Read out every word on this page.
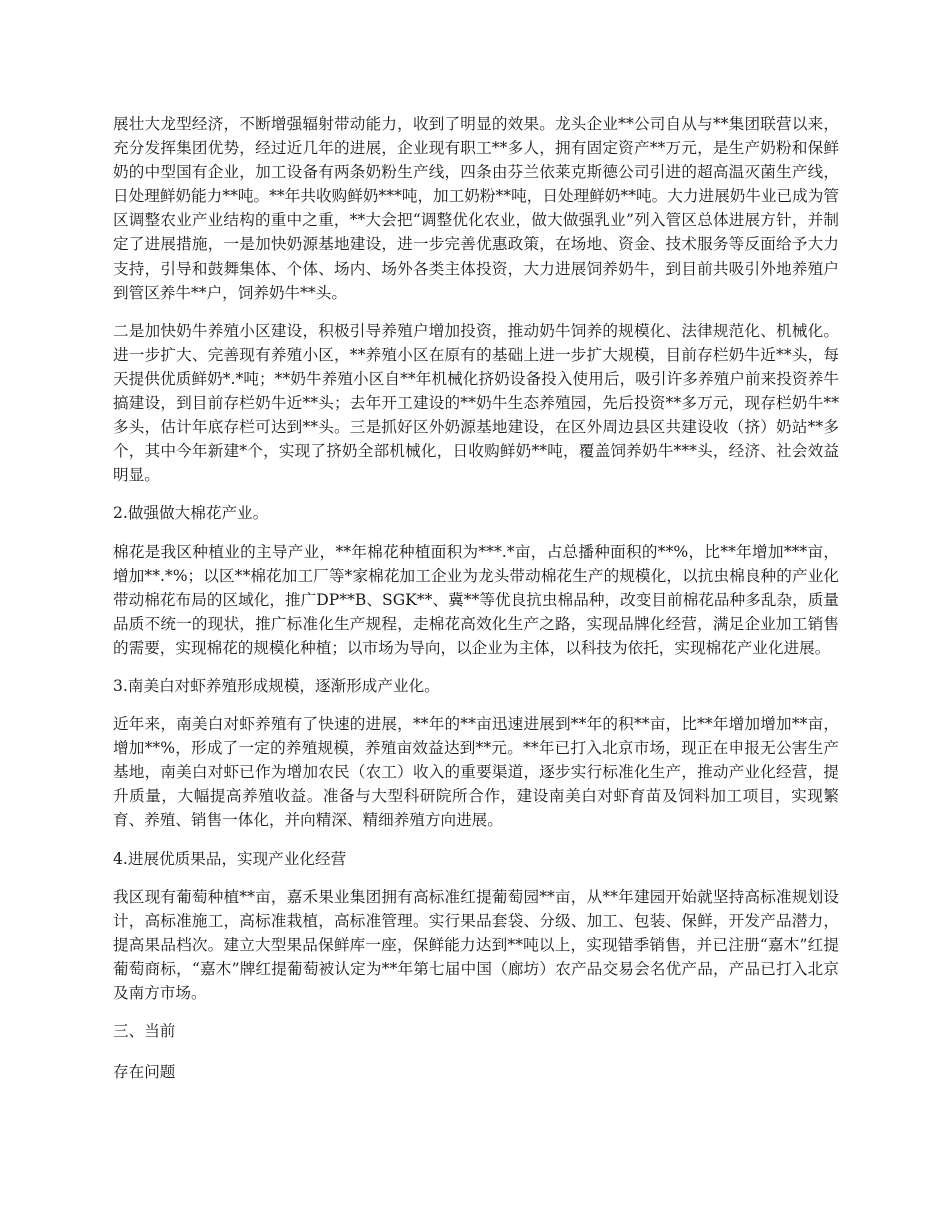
展壮大龙型经济，不断增强辐射带动能力，收到了明显的效果。龙头企业**公司自从与**集团联营以来，充分发挥集团优势，经过近几年的进展，企业现有职工**多人，拥有固定资产**万元，是生产奶粉和保鲜奶的中型国有企业，加工设备有两条奶粉生产线，四条由芬兰依莱克斯德公司引进的超高温灭菌生产线，日处理鲜奶能力**吨。**年共收购鲜奶***吨，加工奶粉**吨，日处理鲜奶**吨。大力进展奶牛业已成为管区调整农业产业结构的重中之重，**大会把“调整优化农业，做大做强乳业”列入管区总体进展方针，并制定了进展措施，一是加快奶源基地建设，进一步完善优惠政策，在场地、资金、技术服务等反面给予大力支持，引导和鼓舞集体、个体、场内、场外各类主体投资，大力进展饲养奶牛，到目前共吸引外地养殖户到管区养牛**户，饲养奶牛**头。

二是加快奶牛养殖小区建设，积极引导养殖户增加投资，推动奶牛饲养的规模化、法律规范化、机械化。进一步扩大、完善现有养殖小区，**养殖小区在原有的基础上进一步扩大规模，目前存栏奶牛近**头，每天提供优质鲜奶*.*吨；**奶牛养殖小区自**年机械化挤奶设备投入使用后，吸引许多养殖户前来投资养牛搞建设，到目前存栏奶牛近**头；去年开工建设的**奶牛生态养殖园，先后投资**多万元，现存栏奶牛**多头，估计年底存栏可达到**头。三是抓好区外奶源基地建设，在区外周边县区共建设收（挤）奶站**多个，其中今年新建*个，实现了挤奶全部机械化，日收购鲜奶**吨，覆盖饲养奶牛***头，经济、社会效益明显。

2.做强做大棉花产业。

棉花是我区种植业的主导产业，**年棉花种植面积为***.*亩，占总播种面积的**%，比**年增加***亩，增加**.*%；以区**棉花加工厂等*家棉花加工企业为龙头带动棉花生产的规模化，以抗虫棉良种的产业化带动棉花布局的区域化，推广DP**B、SGK**、冀**等优良抗虫棉品种，改变目前棉花品种多乱杂，质量品质不统一的现状，推广标准化生产规程，走棉花高效化生产之路，实现品牌化经营，满足企业加工销售的需要，实现棉花的规模化种植；以市场为导向，以企业为主体，以科技为依托，实现棉花产业化进展。

3.南美白对虾养殖形成规模，逐渐形成产业化。

近年来，南美白对虾养殖有了快速的进展，**年的**亩迅速进展到**年的积**亩，比**年增加增加**亩，增加**%，形成了一定的养殖规模，养殖亩效益达到**元。**年已打入北京市场，现正在申报无公害生产基地，南美白对虾已作为增加农民（农工）收入的重要渠道，逐步实行标准化生产，推动产业化经营，提升质量，大幅提高养殖收益。准备与大型科研院所合作，建设南美白对虾育苗及饲料加工项目，实现繁育、养殖、销售一体化，并向精深、精细养殖方向进展。

4.进展优质果品，实现产业化经营

我区现有葡萄种植**亩，嘉禾果业集团拥有高标准红提葡萄园**亩，从**年建园开始就坚持高标准规划设计，高标准施工，高标准栽植，高标准管理。实行果品套袋、分级、加工、包装、保鲜，开发产品潜力，提高果品档次。建立大型果品保鲜库一座，保鲜能力达到**吨以上，实现错季销售，并已注册“嘉木”红提葡萄商标，“嘉木”牌红提葡萄被认定为**年第七届中国（廊坊）农产品交易会名优产品，产品已打入北京及南方市场。

三、当前

存在问题
